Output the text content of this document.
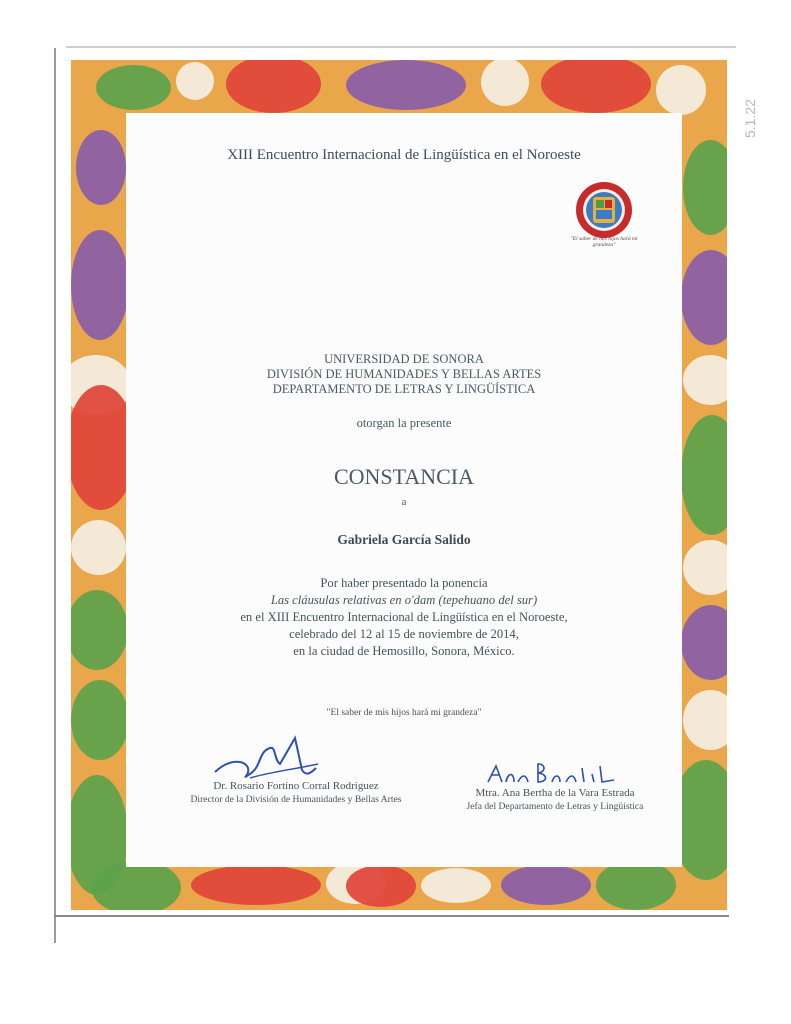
5.1.22
XIII Encuentro Internacional de Lingüística en el Noroeste
"El saber de mis hijos hará mi grandeza"
UNIVERSIDAD DE SONORA
DIVISIÓN DE HUMANIDADES Y BELLAS ARTES
DEPARTAMENTO DE LETRAS Y LINGÜÍSTICA
otorgan la presente
CONSTANCIA
a
Gabriela García Salido
Por haber presentado la ponencia
Las cláusulas relativas en o'dam (tepehuano del sur)
en el XIII Encuentro Internacional de Lingüística en el Noroeste,
celebrado del 12 al 15 de noviembre de 2014,
en la ciudad de Hemosillo, Sonora, México.
"El saber de mis hijos hará mi grandeza"
Dr. Rosario Fortino Corral Rodríguez
Director de la División de Humanidades y Bellas Artes
Mtra. Ana Bertha de la Vara Estrada
Jefa del Departamento de Letras y Lingüística
